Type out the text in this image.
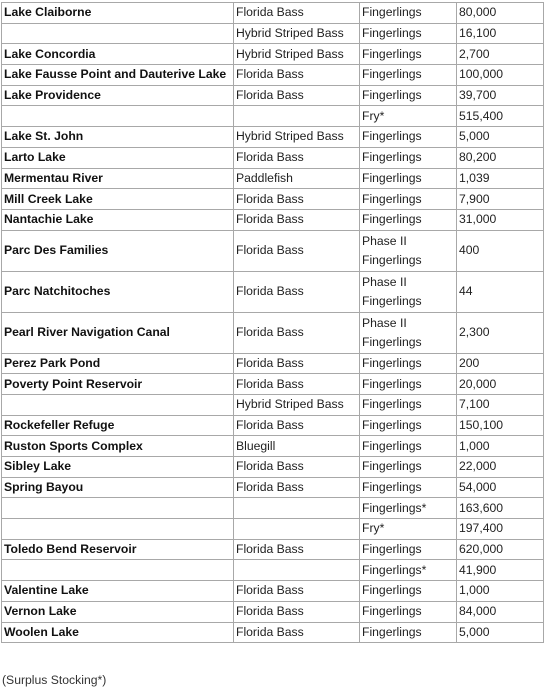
Lake Claiborne	Florida Bass	Fingerlings	80,000
	Hybrid Striped Bass	Fingerlings	16,100
Lake Concordia	Hybrid Striped Bass	Fingerlings	2,700
Lake Fausse Point and Dauterive Lake	Florida Bass	Fingerlings	100,000
Lake Providence	Florida Bass	Fingerlings	39,700
		Fry*	515,400
Lake St. John	Hybrid Striped Bass	Fingerlings	5,000
Larto Lake	Florida Bass	Fingerlings	80,200
Mermentau River	Paddlefish	Fingerlings	1,039
Mill Creek Lake	Florida Bass	Fingerlings	7,900
Nantachie Lake	Florida Bass	Fingerlings	31,000
Parc Des Families	Florida Bass	Phase II Fingerlings	400
Parc Natchitoches	Florida Bass	Phase II Fingerlings	44
Pearl River Navigation Canal	Florida Bass	Phase II Fingerlings	2,300
Perez Park Pond	Florida Bass	Fingerlings	200
Poverty Point Reservoir	Florida Bass	Fingerlings	20,000
	Hybrid Striped Bass	Fingerlings	7,100
Rockefeller Refuge	Florida Bass	Fingerlings	150,100
Ruston Sports Complex	Bluegill	Fingerlings	1,000
Sibley Lake	Florida Bass	Fingerlings	22,000
Spring Bayou	Florida Bass	Fingerlings	54,000
		Fingerlings*	163,600
		Fry*	197,400
Toledo Bend Reservoir	Florida Bass	Fingerlings	620,000
		Fingerlings*	41,900
Valentine Lake	Florida Bass	Fingerlings	1,000
Vernon Lake	Florida Bass	Fingerlings	84,000
Woolen Lake	Florida Bass	Fingerlings	5,000
(Surplus Stocking*)
